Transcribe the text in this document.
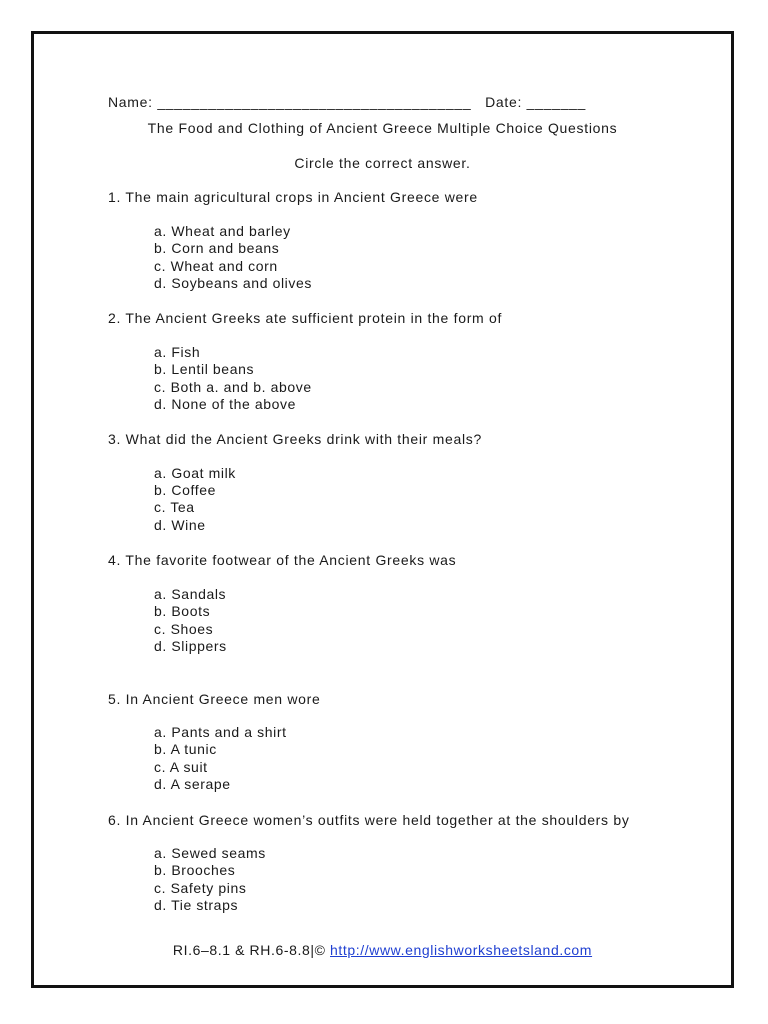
Name: _____________________________________   Date: _______
The Food and Clothing of Ancient Greece Multiple Choice Questions
Circle the correct answer.
1. The main agricultural crops in Ancient Greece were
a. Wheat and barley
b. Corn and beans
c. Wheat and corn
d. Soybeans and olives
2. The Ancient Greeks ate sufficient protein in the form of
a. Fish
b. Lentil beans
c. Both a. and b. above
d. None of the above
3. What did the Ancient Greeks drink with their meals?
a. Goat milk
b. Coffee
c. Tea
d. Wine
4. The favorite footwear of the Ancient Greeks was
a. Sandals
b. Boots
c. Shoes
d. Slippers
5. In Ancient Greece men wore
a. Pants and a shirt
b. A tunic
c. A suit
d. A serape
6. In Ancient Greece women’s outfits were held together at the shoulders by
a. Sewed seams
b. Brooches
c. Safety pins
d. Tie straps
RI.6–8.1 & RH.6-8.8|© http://www.englishworksheetsland.com
